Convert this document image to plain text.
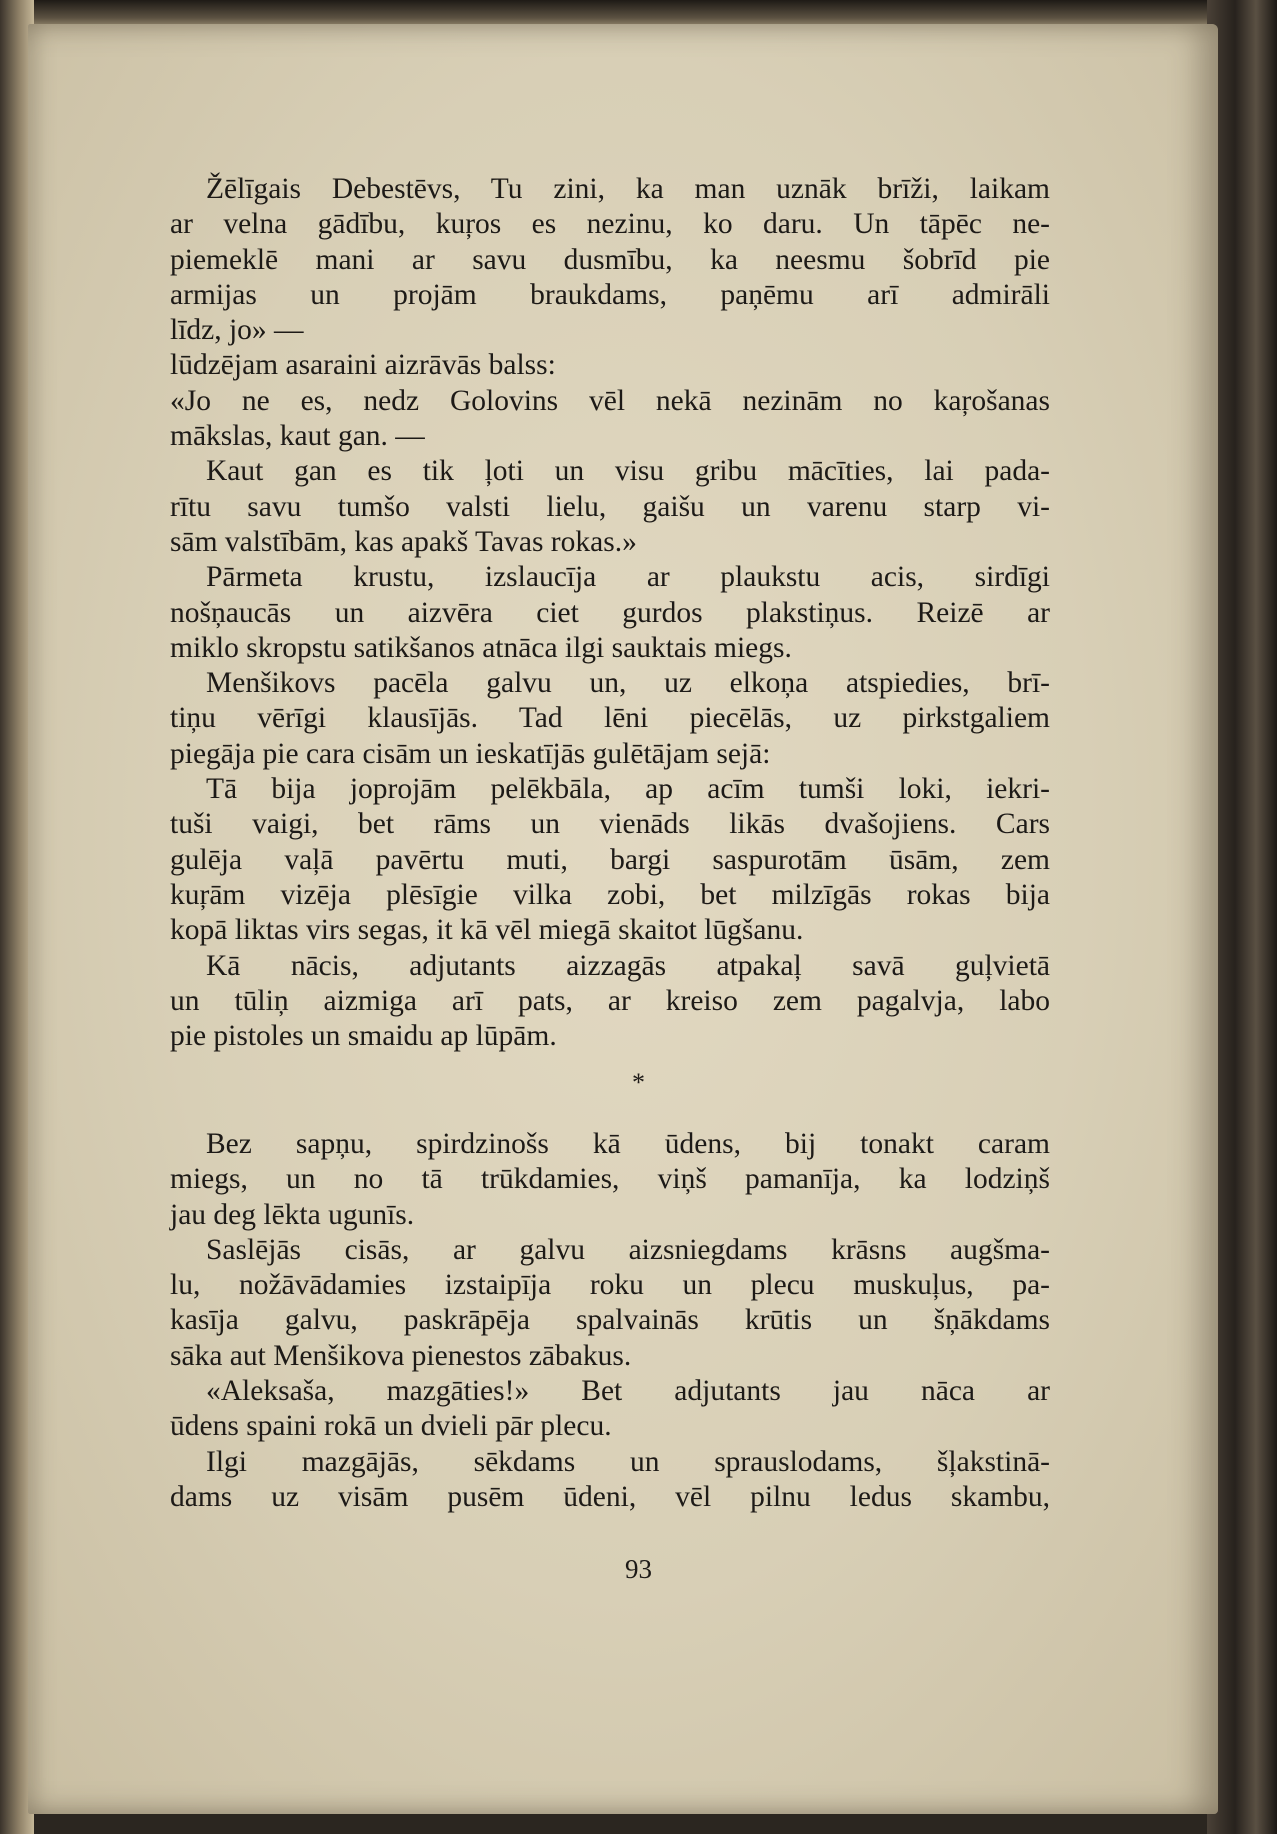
Žēlīgais Debestēvs, Tu zini, ka man uznāk brīži, laikam
ar velna gādību, kuŗos es nezinu, ko daru. Un tāpēc ne-
piemeklē mani ar savu dusmību, ka neesmu šobrīd pie
armijas un projām braukdams, paņēmu arī admirāli
līdz, jo» —
lūdzējam asaraini aizrāvās balss:
«Jo ne es, nedz Golovins vēl nekā nezinām no kaŗošanas
mākslas, kaut gan. —
Kaut gan es tik ļoti un visu gribu mācīties, lai pada-
rītu savu tumšo valsti lielu, gaišu un varenu starp vi-
sām valstībām, kas apakš Tavas rokas.»
Pārmeta krustu, izslaucīja ar plaukstu acis, sirdīgi
nošņaucās un aizvēra ciet gurdos plakstiņus. Reizē ar
miklo skropstu satikšanos atnāca ilgi sauktais miegs.
Menšikovs pacēla galvu un, uz elkoņa atspiedies, brī-
tiņu vērīgi klausījās. Tad lēni piecēlās, uz pirkstgaliem
piegāja pie cara cisām un ieskatījās gulētājam sejā:
Tā bija joprojām pelēkbāla, ap acīm tumši loki, iekri-
tuši vaigi, bet rāms un vienāds likās dvašojiens. Cars
gulēja vaļā pavērtu muti, bargi saspurotām ūsām, zem
kuŗām vizēja plēsīgie vilka zobi, bet milzīgās rokas bija
kopā liktas virs segas, it kā vēl miegā skaitot lūgšanu.
Kā nācis, adjutants aizzagās atpakaļ savā guļvietā
un tūliņ aizmiga arī pats, ar kreiso zem pagalvja, labo
pie pistoles un smaidu ap lūpām.
*
Bez sapņu, spirdzinošs kā ūdens, bij tonakt caram
miegs, un no tā trūkdamies, viņš pamanīja, ka lodziņš
jau deg lēkta ugunīs.
Saslējās cisās, ar galvu aizsniegdams krāsns augšma-
lu, nožāvādamies izstaipīja roku un plecu muskuļus, pa-
kasīja galvu, paskrāpēja spalvainās krūtis un šņākdams
sāka aut Menšikova pienestos zābakus.
«Aleksaša, mazgāties!» Bet adjutants jau nāca ar
ūdens spaini rokā un dvieli pār plecu.
Ilgi mazgājās, sēkdams un sprauslodams, šļakstinā-
dams uz visām pusēm ūdeni, vēl pilnu ledus skambu,
93
